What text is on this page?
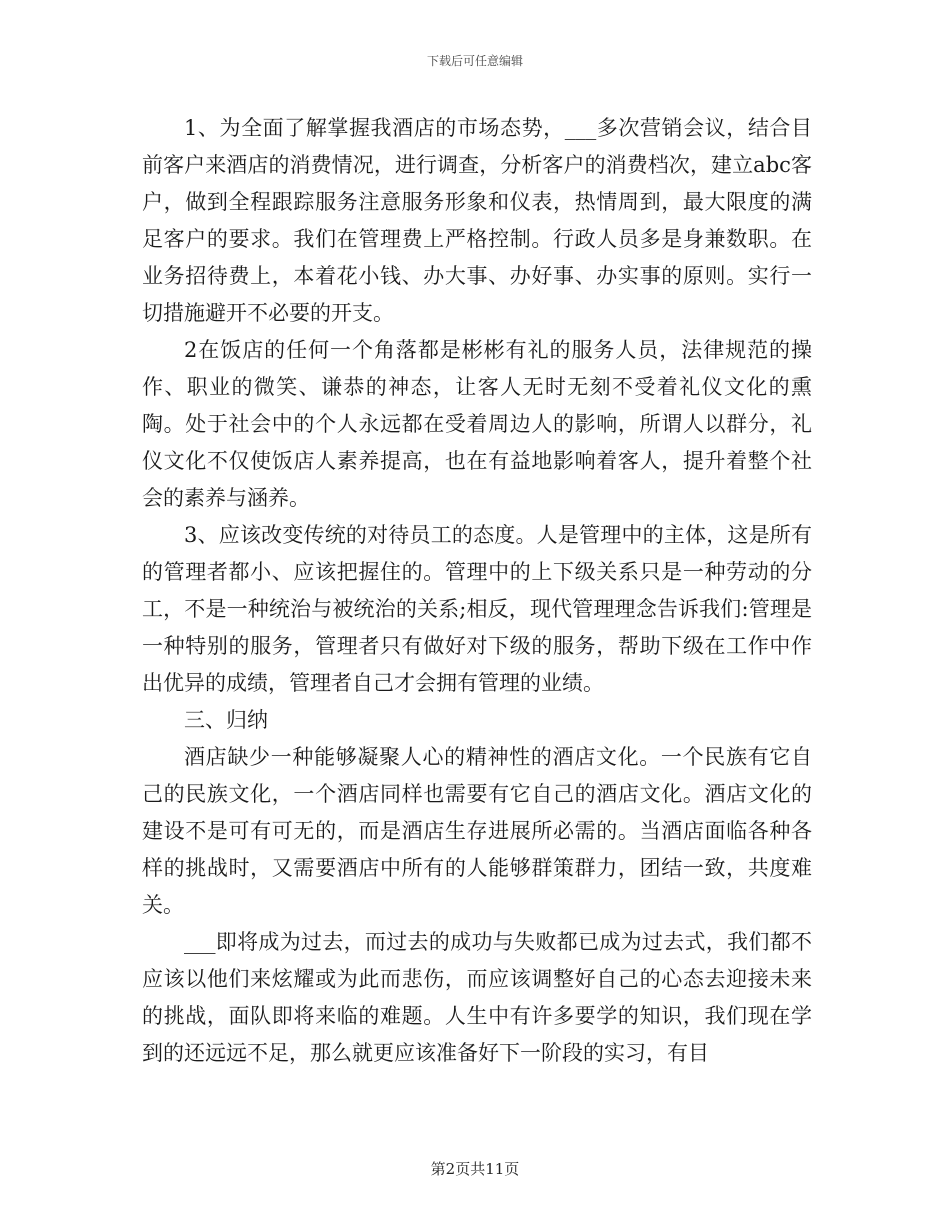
下载后可任意编辑

1、为全面了解掌握我酒店的市场态势，___多次营销会议，结合目前客户来酒店的消费情况，进行调查，分析客户的消费档次，建立abc客户，做到全程跟踪服务注意服务形象和仪表，热情周到，最大限度的满足客户的要求。我们在管理费上严格控制。行政人员多是身兼数职。在业务招待费上，本着花小钱、办大事、办好事、办实事的原则。实行一切措施避开不必要的开支。

2在饭店的任何一个角落都是彬彬有礼的服务人员，法律规范的操作、职业的微笑、谦恭的神态，让客人无时无刻不受着礼仪文化的熏陶。处于社会中的个人永远都在受着周边人的影响，所谓人以群分，礼仪文化不仅使饭店人素养提高，也在有益地影响着客人，提升着整个社会的素养与涵养。

3、应该改变传统的对待员工的态度。人是管理中的主体，这是所有的管理者都小、应该把握住的。管理中的上下级关系只是一种劳动的分工，不是一种统治与被统治的关系;相反，现代管理理念告诉我们:管理是一种特别的服务，管理者只有做好对下级的服务，帮助下级在工作中作出优异的成绩，管理者自己才会拥有管理的业绩。

三、归纳

酒店缺少一种能够凝聚人心的精神性的酒店文化。一个民族有它自己的民族文化，一个酒店同样也需要有它自己的酒店文化。酒店文化的建设不是可有可无的，而是酒店生存进展所必需的。当酒店面临各种各样的挑战时，又需要酒店中所有的人能够群策群力，团结一致，共度难关。

___即将成为过去，而过去的成功与失败都已成为过去式，我们都不应该以他们来炫耀或为此而悲伤，而应该调整好自己的心态去迎接未来的挑战，面队即将来临的难题。人生中有许多要学的知识，我们现在学到的还远远不足，那么就更应该准备好下一阶段的实习，有目

第2页共11页
